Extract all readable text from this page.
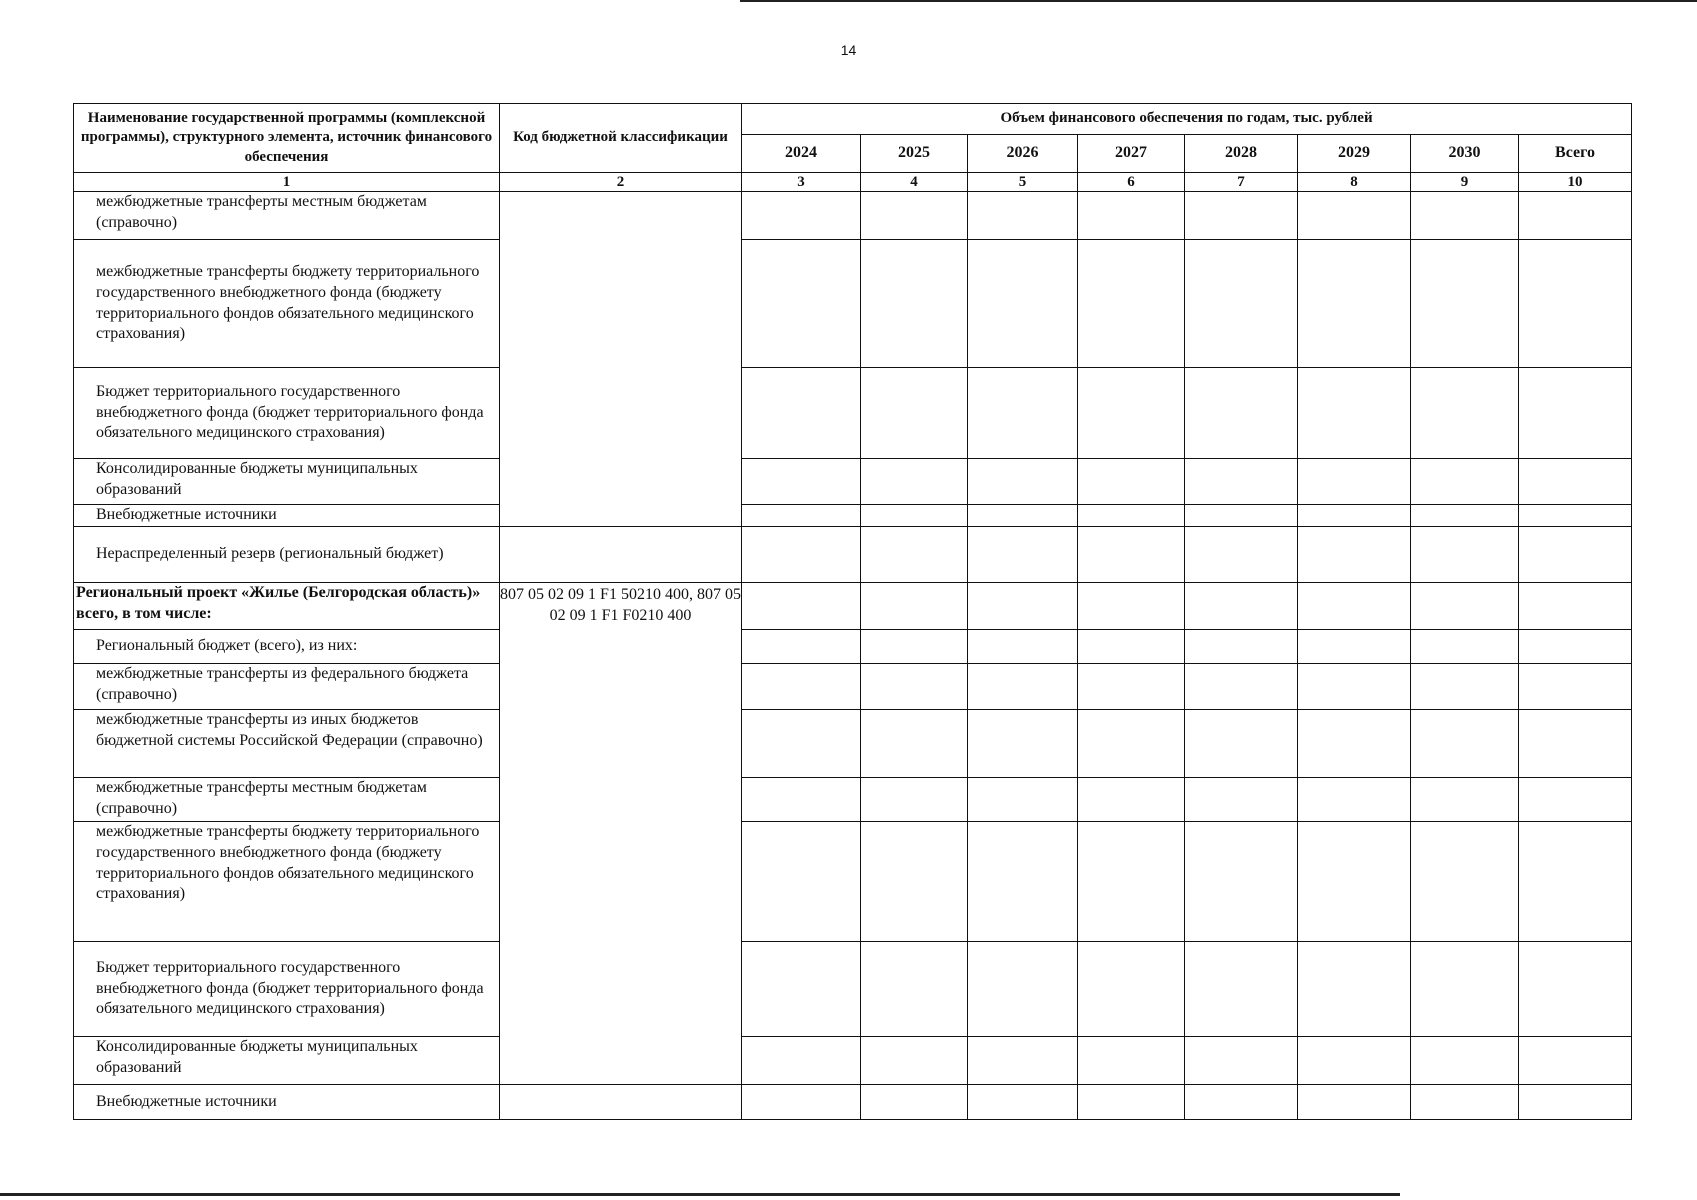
14
Наименование государственной программы (комплексной программы), структурного элемента, источник финансового обеспечения	Код бюджетной классификации	Объем финансового обеспечения по годам, тыс. рублей							
		2024	2025	2026	2027	2028	2029	2030	Всего
1	2	3	4	5	6	7	8	9	10
межбюджетные трансферты местным бюджетам (справочно)									
межбюджетные трансферты бюджету территориального государственного внебюджетного фонда (бюджету территориального фондов обязательного медицинского страхования)									
Бюджет территориального государственного внебюджетного фонда (бюджет территориального фонда обязательного медицинского страхования)									
Консолидированные бюджеты муниципальных образований									
Внебюджетные источники									
Нераспределенный резерв (региональный бюджет)									
Региональный проект «Жилье (Белгородская область)» всего, в том числе:	807 05 02 09 1 F1 50210 400, 807 05 02 09 1 F1 F0210 400								
Региональный бюджет (всего), из них:									
межбюджетные трансферты из федерального бюджета (справочно)									
межбюджетные трансферты из иных бюджетов бюджетной системы Российской Федерации (справочно)									
межбюджетные трансферты местным бюджетам (справочно)									
межбюджетные трансферты бюджету территориального государственного внебюджетного фонда (бюджету территориального фондов обязательного медицинского страхования)									
Бюджет территориального государственного внебюджетного фонда (бюджет территориального фонда обязательного медицинского страхования)									
Консолидированные бюджеты муниципальных образований									
Внебюджетные источники									
